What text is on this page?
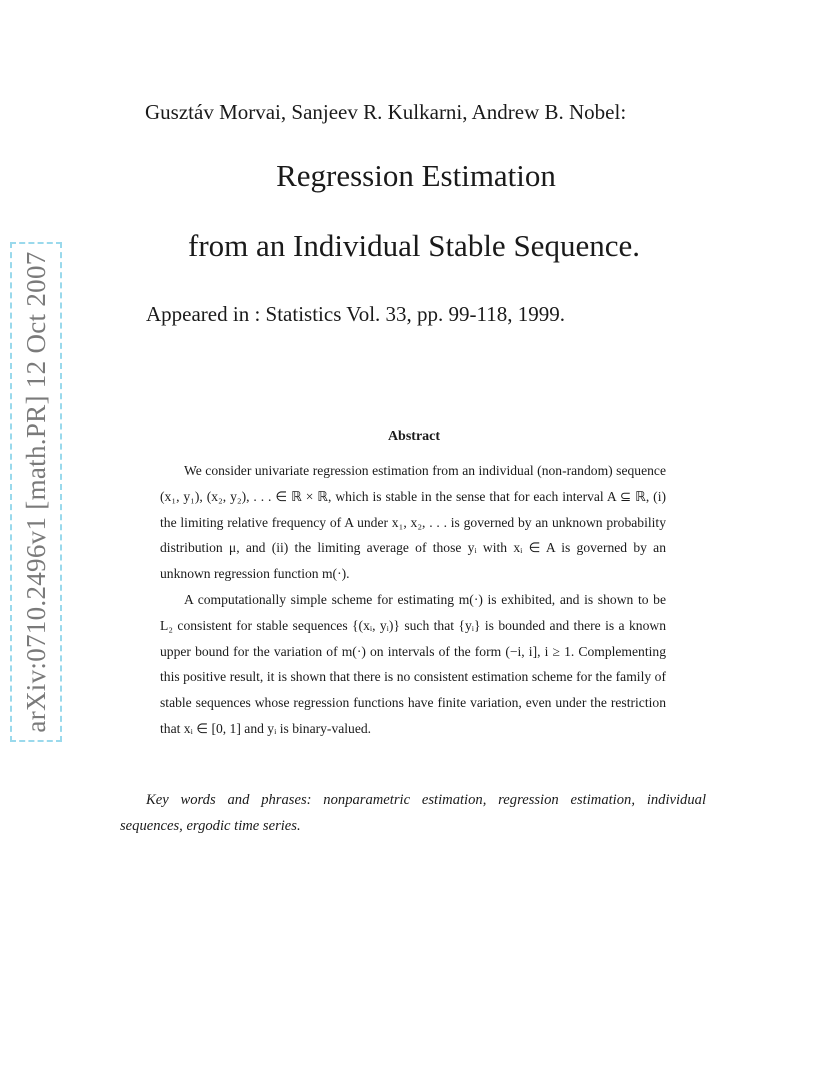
arXiv:0710.2496v1 [math.PR] 12 Oct 2007
Gusztáv Morvai, Sanjeev R. Kulkarni, Andrew B. Nobel:
Regression Estimation
from an Individual Stable Sequence.
Appeared in : Statistics Vol. 33, pp. 99-118, 1999.
Abstract

We consider univariate regression estimation from an individual (non-random) sequence (x₁, y₁), (x₂, y₂), . . . ∈ ℝ × ℝ, which is stable in the sense that for each interval A ⊆ ℝ, (i) the limiting relative frequency of A under x₁, x₂, . . . is governed by an unknown probability distribution μ, and (ii) the limiting average of those yᵢ with xᵢ ∈ A is governed by an unknown regression function m(·).

A computationally simple scheme for estimating m(·) is exhibited, and is shown to be L₂ consistent for stable sequences {(xᵢ, yᵢ)} such that {yᵢ} is bounded and there is a known upper bound for the variation of m(·) on intervals of the form (−i, i], i ≥ 1. Complementing this positive result, it is shown that there is no consistent estimation scheme for the family of stable sequences whose regression functions have finite variation, even under the restriction that xᵢ ∈ [0, 1] and yᵢ is binary-valued.

Key words and phrases: nonparametric estimation, regression estimation, individual sequences, ergodic time series.
